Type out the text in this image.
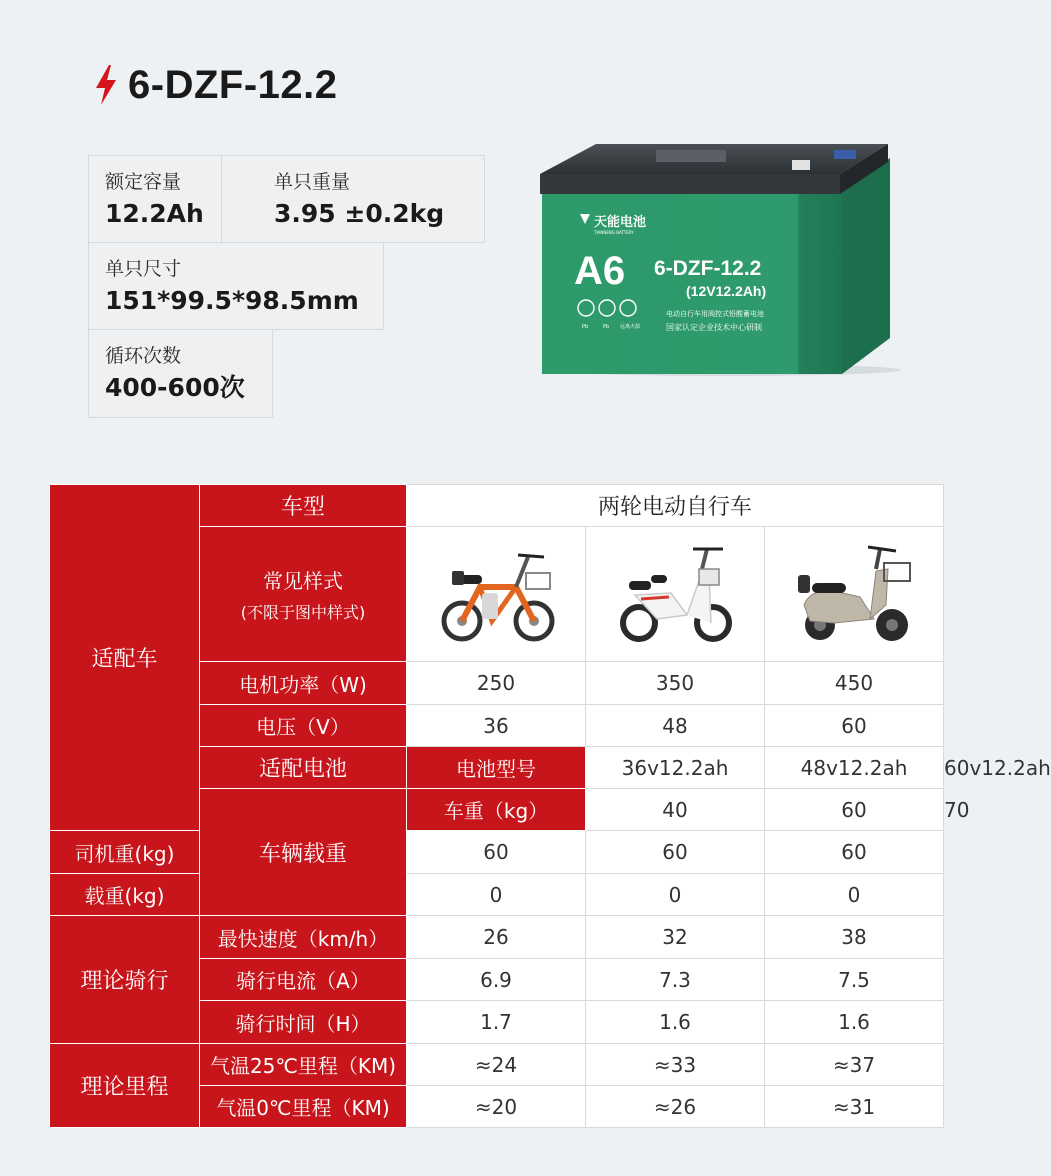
6-DZF-12.2
额定容量
12.2Ah
单只重量
3.95 ±0.2kg
单只尺寸
151*99.5*98.5mm
循环次数
400-600次
天能电池
TIANNENG BATTERY
A6 6-DZF-12.2
(12V12.2Ah)
Pb	Pb 远离火源
电动自行车用阀控式铅酸蓄电池
国家认定企业技术中心研制
适配车	车型	两轮电动自行车			
	常见样式
(不限于图中样式)

	电机功率（W)	250	350	450	
	电压（V）	36	48	60	
	适配电池	电池型号	36v12.2ah	48v12.2ah	60v12.2ah
	车辆载重	车重（kg）	40	60	70
司机重(kg)		60	60	60	
载重(kg)		0	0	0	
理论骑行	最快速度（km/h）	26	32	38	
	骑行电流（A）	6.9	7.3	7.5	
	骑行时间（H）	1.7	1.6	1.6	
理论里程	气温25℃里程（KM)	≈24	≈33	≈37	
	气温0℃里程（KM)	≈20	≈26	≈31	
